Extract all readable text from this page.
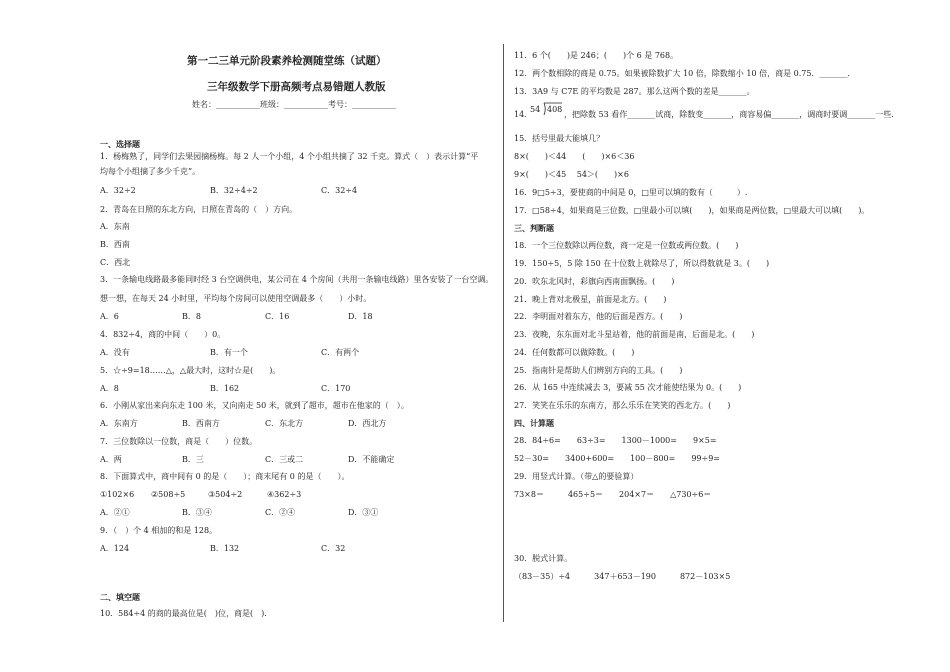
第一二三单元阶段素养检测随堂练（试题）
三年级数学下册高频考点易错题人教版
姓名：___________班级：___________考号：___________
一、选择题
1．杨梅熟了，同学们去果园摘杨梅。每 2 人一个小组，4 个小组共摘了 32 千克。算式（　）表示计算“平
均每个小组摘了多少千克”。
A．32÷2	B．32÷4÷2	C．32÷4
2．青岛在日照的东北方向，日照在青岛的（　）方向。
A．东南
B．西南
C．西北
3．一条输电线路最多能同时经 3 台空调供电，某公司在 4 个房间（共用一条输电线路）里各安装了一台空调。
想一想，在每天 24 小时里，平均每个房间可以使用空调最多（　　）小时。
A．6	B．8	C．16	D．18
4．832÷4，商的中间（　　）0。
A．没有	B．有一个	C．有两个
5．☆÷9=18……△，△最大时，这时☆是(　　)。
A．8	B．162	C．170
6．小刚从家出来向东走 100 米，又向南走 50 米，就到了超市，超市在他家的（　）。
A．东南方	B．西南方	C．东北方	D．西北方
7．三位数除以一位数，商是（　　）位数。
A．两	B．三	C．三或二	D．不能确定
8．下面算式中，商中间有 0 的是（　　）；商末尾有 0 的是（　　）。
①102×6 ②508÷5	③504÷2	④362÷3
A．②①	B．③④	C．②④	D．③①
9．（　）个 4 相加的和是 128。
A．124	B．132	C．32
二、填空题
10．584÷4 的商的最高位是(　)位，商是(　).
11．6 个(　　)是 246；(　　)个 6 是 768。
12．两个数相除的商是 0.75。如果被除数扩大 10 倍，除数缩小 10 倍，商是 0.75．_______.
13．3A9 与 C7E 的平均数是 287。那么这两个数的差是_______。
14．
54 408
，把除数 53 看作_______试商，除数变_______，商容易偏_______，调商时要调_______一些.
15．括号里最大能填几？
8×(　　)＜44　　(　　)×6＜36
9×(　　)＜45　 54＞(　　)×6
16．9□5÷3，要使商的中间是 0，□里可以填的数有（　　　）.
17．□58÷4，如果商是三位数，□里最小可以填(　　)，如果商是两位数，□里最大可以填(　　)。
三、判断题
18．一个三位数除以两位数，商一定是一位数或两位数。(　　)
19．150÷5，5 除 150 在十位数上就除尽了，所以得数就是 3。(　　)
20．吹东北风时，彩旗向西南面飘扬。(　　)
21．晚上背对北极星，前面是北方。(　　)
22．李明面对着东方，他的后面是西方。(　　)
23．夜晚，东东面对北斗星站着，他的前面是南，后面是北。(　　)
24．任何数都可以做除数。(　　)
25．指南针是帮助人们辨别方向的工具。(　　)
26．从 165 中连续减去 3，要减 55 次才能使结果为 0。(　　)
27．笑笑在乐乐的东南方，那么乐乐在笑笑的西北方。(　　)
四、计算题
28．84÷6=　　63÷3=　　1300－1000=　　9×5=
52－30=　　3400+600=　　100－800=　　99÷9=
29．用竖式计算。（带△的要验算）
73×8＝　　　465÷5＝　　204×7＝　　△730÷6＝
30．脱式计算。
（83－35）÷4　　　347＋653－190　　　872－103×5
